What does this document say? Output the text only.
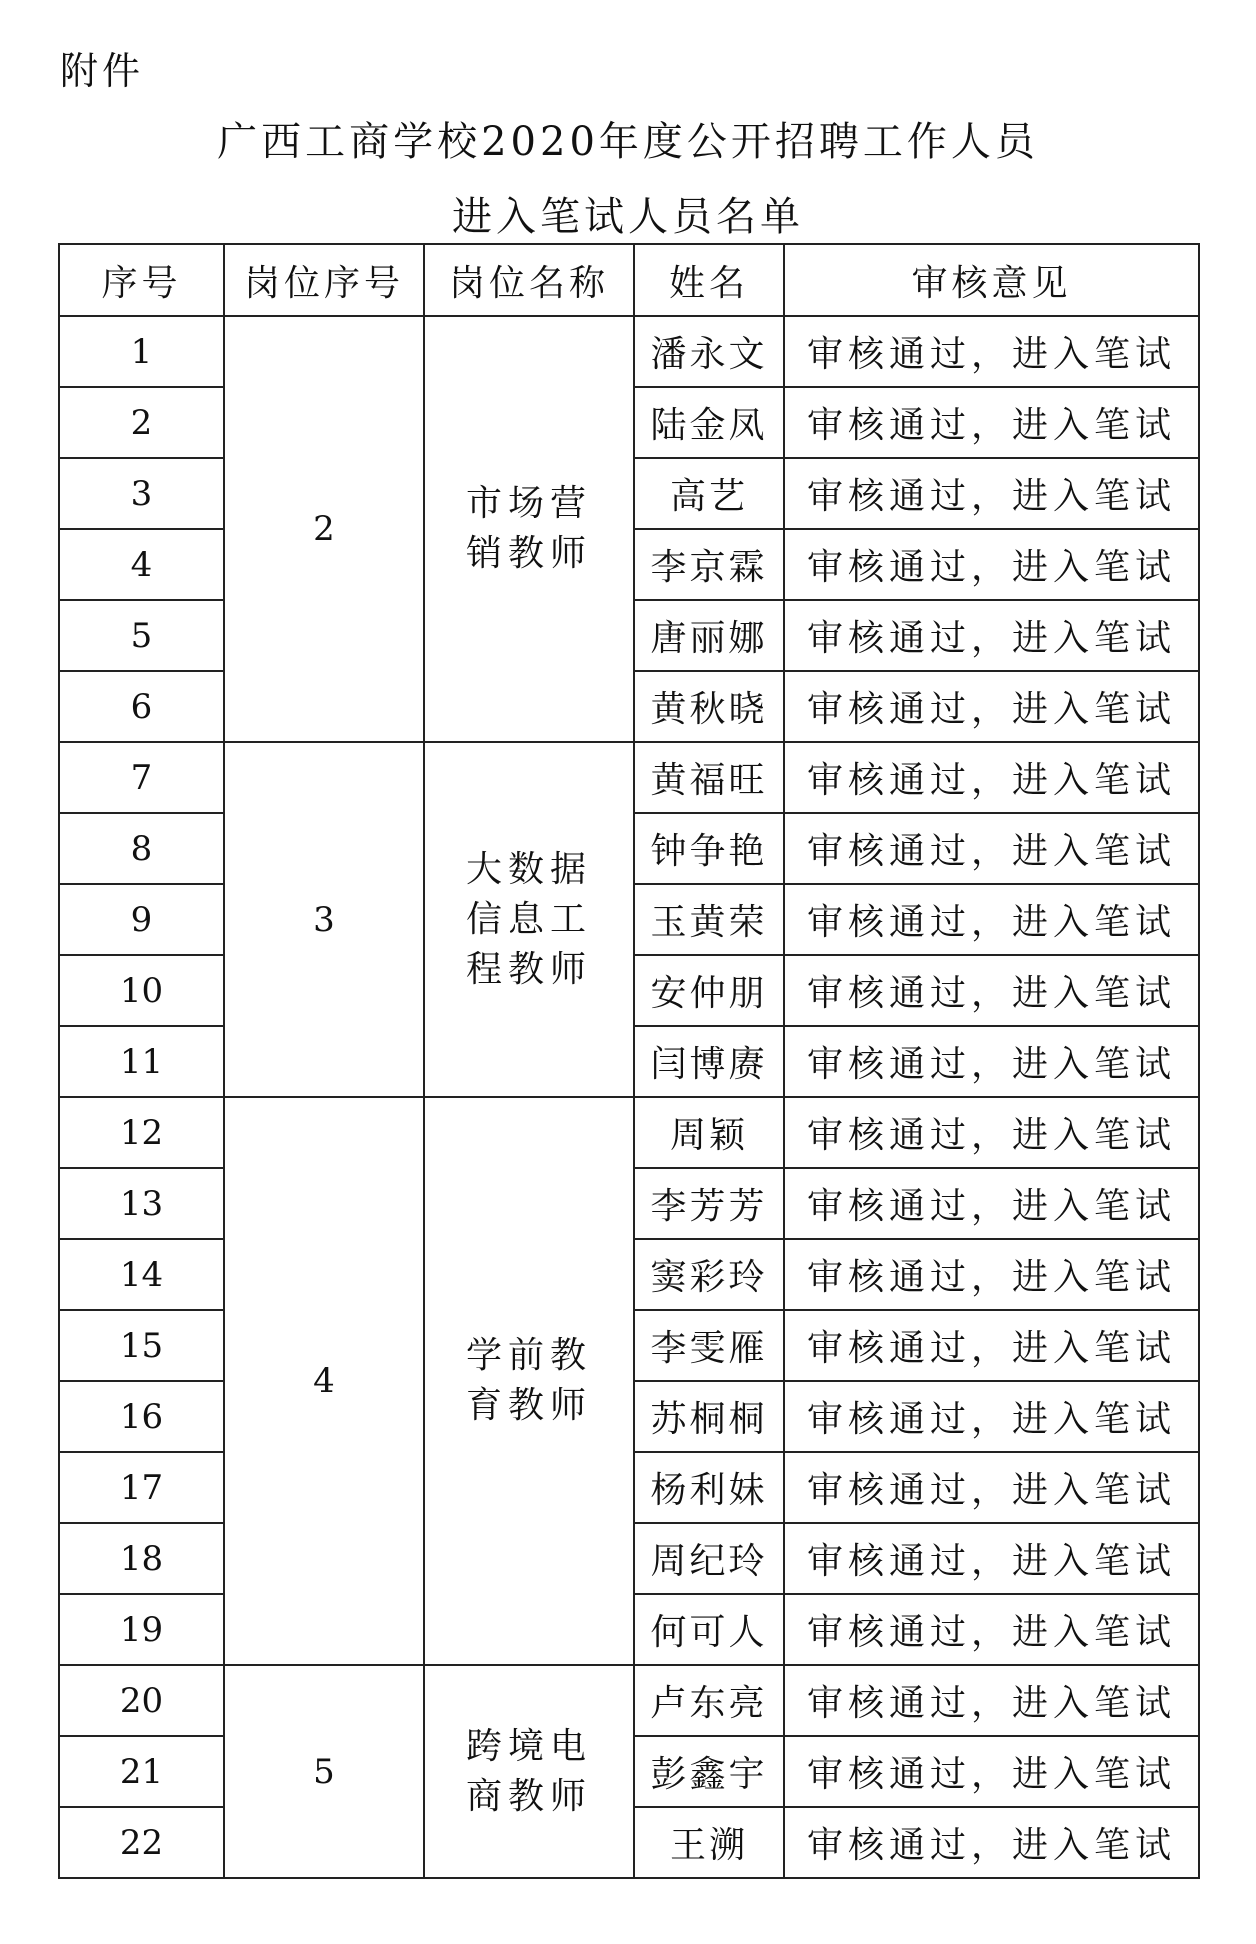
附件
广西工商学校2020年度公开招聘工作人员
进入笔试人员名单
序号	岗位序号	岗位名称	姓名	审核意见
1	2	市场营销教师	潘永文	审核通过，进入笔试
2			陆金凤	审核通过，进入笔试
3			高艺	审核通过，进入笔试
4			李京霖	审核通过，进入笔试
5			唐丽娜	审核通过，进入笔试
6			黄秋晓	审核通过，进入笔试
7	3	大数据信息工程教师	黄福旺	审核通过，进入笔试
8			钟争艳	审核通过，进入笔试
9			玉黄荣	审核通过，进入笔试
10			安仲朋	审核通过，进入笔试
11			闫博赓	审核通过，进入笔试
12	4	学前教育教师	周颖	审核通过，进入笔试
13			李芳芳	审核通过，进入笔试
14			窦彩玲	审核通过，进入笔试
15			李雯雁	审核通过，进入笔试
16			苏桐桐	审核通过，进入笔试
17			杨利妹	审核通过，进入笔试
18			周纪玲	审核通过，进入笔试
19			何可人	审核通过，进入笔试
20	5	跨境电商教师	卢东亮	审核通过，进入笔试
21			彭鑫宇	审核通过，进入笔试
22			王溯	审核通过，进入笔试
